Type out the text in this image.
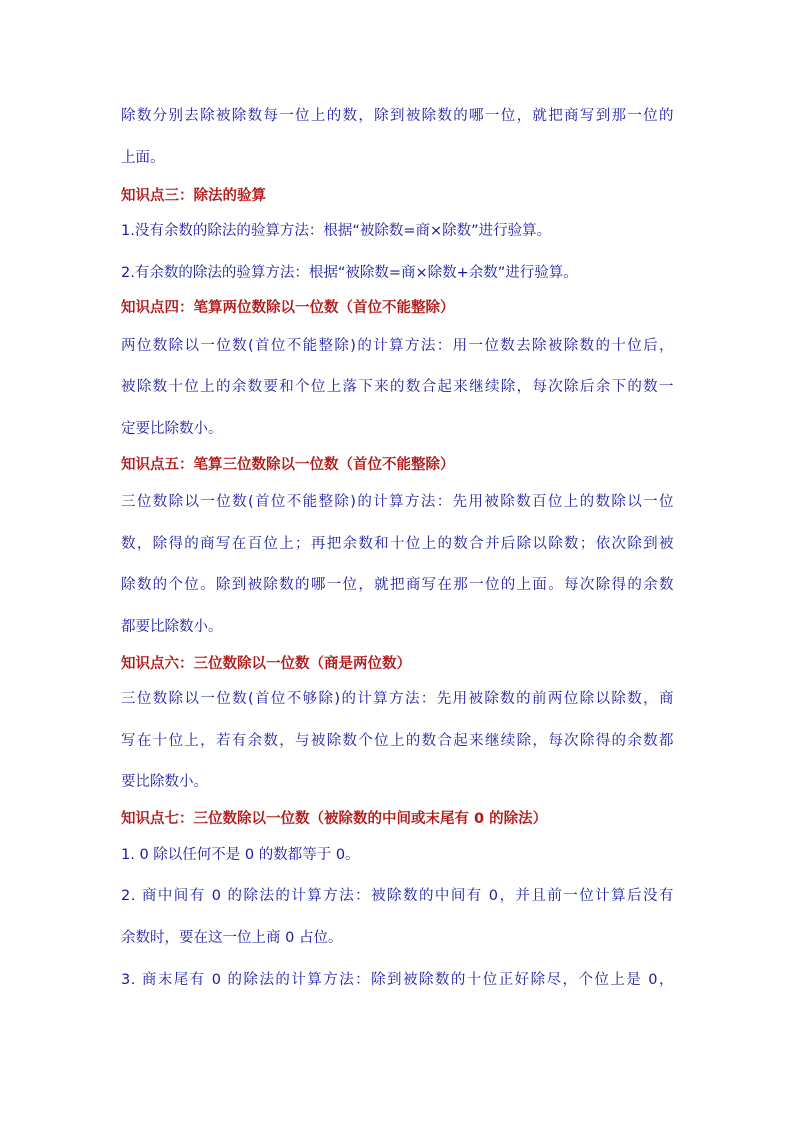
除数分别去除被除数每一位上的数，除到被除数的哪一位，就把商写到那一位的
上面。
知识点三：除法的验算
1.没有余数的除法的验算方法：根据“被除数=商×除数”进行验算。
2.有余数的除法的验算方法：根据“被除数=商×除数+余数”进行验算。
知识点四：笔算两位数除以一位数（首位不能整除）
两位数除以一位数(首位不能整除)的计算方法：用一位数去除被除数的十位后，
被除数十位上的余数要和个位上落下来的数合起来继续除，每次除后余下的数一
定要比除数小。
知识点五：笔算三位数除以一位数（首位不能整除）
三位数除以一位数(首位不能整除)的计算方法：先用被除数百位上的数除以一位
数，除得的商写在百位上；再把余数和十位上的数合并后除以除数；依次除到被
除数的个位。除到被除数的哪一位，就把商写在那一位的上面。每次除得的余数
都要比除数小。
知识点六：三位数除以一位数（商是两位数）
三位数除以一位数(首位不够除)的计算方法：先用被除数的前两位除以除数，商
写在十位上，若有余数，与被除数个位上的数合起来继续除，每次除得的余数都
要比除数小。
知识点七：三位数除以一位数（被除数的中间或末尾有 0 的除法）
1. 0 除以任何不是 0 的数都等于 0。
2. 商中间有 0 的除法的计算方法：被除数的中间有 0，并且前一位计算后没有
余数时，要在这一位上商 0 占位。
3. 商末尾有 0 的除法的计算方法：除到被除数的十位正好除尽，个位上是 0，
